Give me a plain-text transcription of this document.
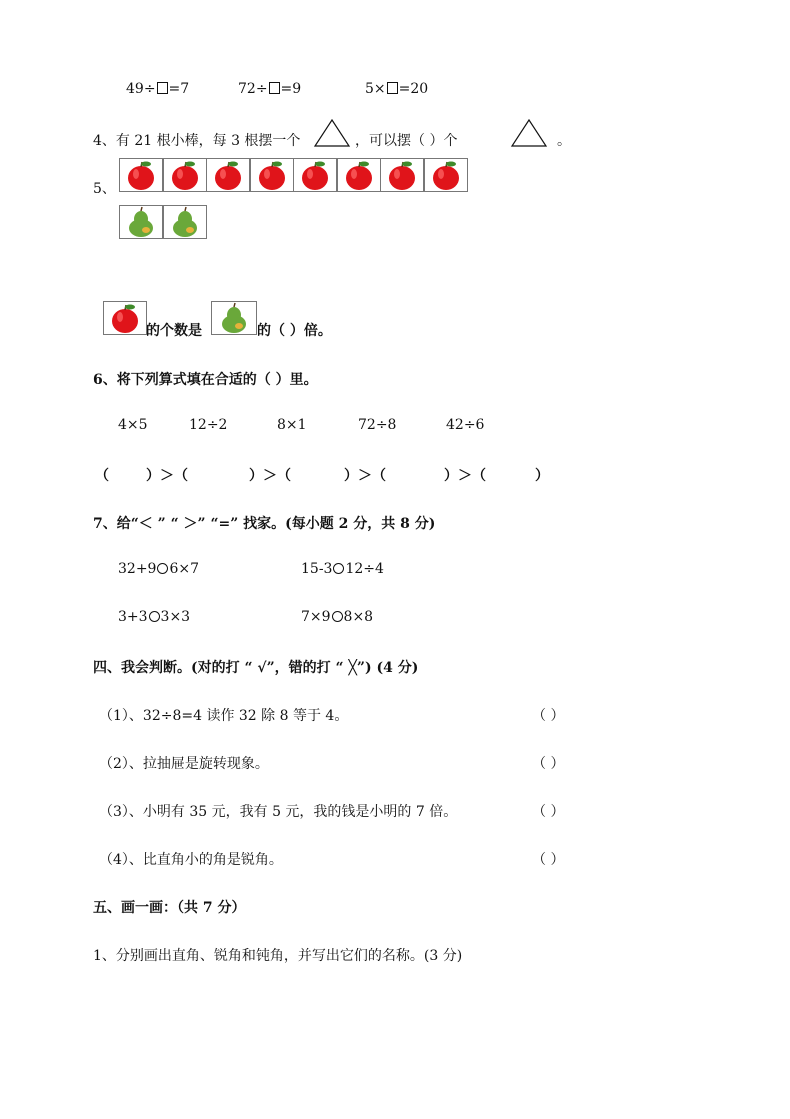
49÷ =7	72÷ =9	5× =20
4、有 21 根小棒，每 3 根摆一个	，可以摆（ ）个	。
5、
的个数是	的（ ）倍。
6、将下列算式填在合适的（ ）里。
4×5	12÷2	8×1	72÷8	42÷6
（	）＞（	）＞（	）＞（	）＞（	）
7、给“＜ ” “ ＞” “=” 找家。(每小题 2 分，共 8 分)
32+9 6×7	15-3 12÷4
3+3 3×3	7×9 8×8
四、我会判断。(对的打 “ √”，错的打 “ ╳”) (4 分)
（1）、32÷8=4 读作 32 除 8 等于 4。	（ ）
（2）、拉抽屉是旋转现象。	（ ）
（3）、小明有 35 元，我有 5 元，我的钱是小明的 7 倍。	（ ）
（4）、比直角小的角是锐角。	（ ）
五、画一画：（共 7 分）
1、分别画出直角、锐角和钝角，并写出它们的名称。(3 分)
